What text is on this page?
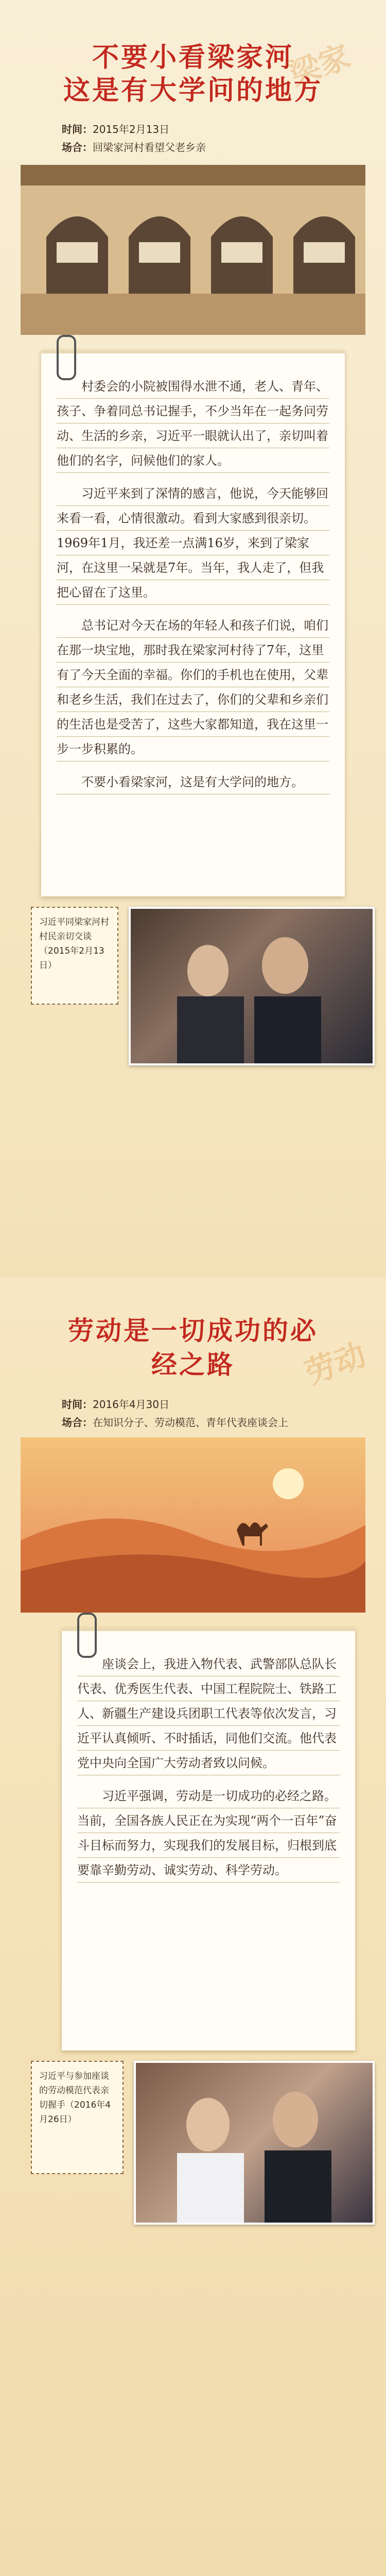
梁家
不要小看梁家河
这是有大学问的地方
时间：2015年2月13日
场合：回梁家河村看望父老乡亲

村委会的小院被围得水泄不通，老人、青年、孩子、争着同总书记握手，不少当年在一起务问劳动、生活的乡亲，习近平一眼就认出了，亲切叫着他们的名字，问候他们的家人。

习近平来到了深情的感言，他说，今天能够回来看一看，心情很激动。看到大家感到很亲切。1969年1月，我还差一点满16岁，来到了梁家河，在这里一呆就是7年。当年，我人走了，但我把心留在了这里。

总书记对今天在场的年轻人和孩子们说，咱们在那一块宝地，那时我在梁家河村待了7年，这里有了今天全面的幸福。你们的手机也在使用，父辈和老乡生活，我们在过去了，你们的父辈和乡亲们的生活也是受苦了，这些大家都知道，我在这里一步一步积累的。

不要小看梁家河，这是有大学问的地方。

习近平同梁家河村村民亲切交谈（2015年2月13日）
劳动
劳动是一切成功的必经之路
时间：2016年4月30日
场合：在知识分子、劳动模范、青年代表座谈会上

座谈会上，我进入物代表、武警部队总队长代表、优秀医生代表、中国工程院院士、铁路工人、新疆生产建设兵团职工代表等依次发言，习近平认真倾听、不时插话，同他们交流。他代表党中央向全国广大劳动者致以问候。

习近平强调，劳动是一切成功的必经之路。当前，全国各族人民正在为实现“两个一百年”奋斗目标而努力，实现我们的发展目标，归根到底要靠辛勤劳动、诚实劳动、科学劳动。

习近平与参加座谈的劳动模范代表亲切握手（2016年4月26日）
